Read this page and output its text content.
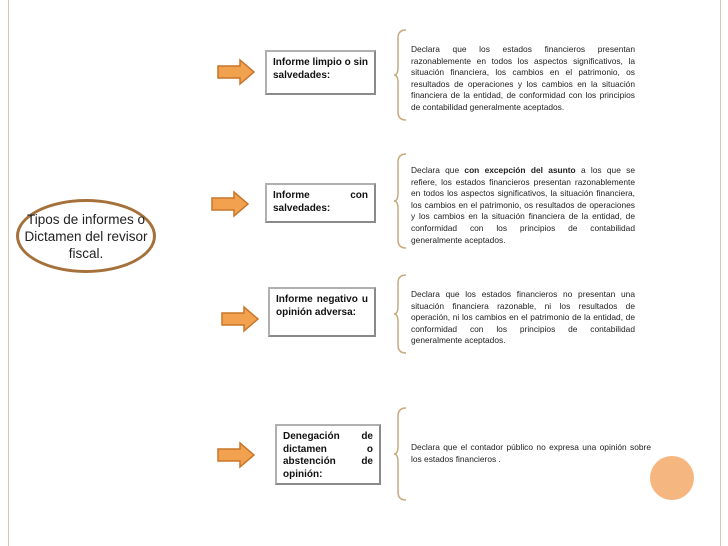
Tipos de informes o Dictamen del revisor fiscal.
Informe limpio o sin salvedades:
Informe con salvedades:
Informe negativo u opinión adversa:
Denegación de dictamen o abstención de opinión:
Declara que los estados financieros presentan razonablemente en todos los aspectos significativos, la situación financiera, los cambios en el patrimonio, os resultados de operaciones y los cambios en la situación financiera de la entidad, de conformidad con los principios de contabilidad generalmente aceptados.
Declara que con excepción del asunto a los que se refiere, los estados financieros presentan razonablemente en todos los aspectos significativos, la situación financiera, los cambios en el patrimonio, os resultados de operaciones y los cambios en la situación financiera de la entidad, de conformidad con los principios de contabilidad generalmente aceptados.
Declara que los estados financieros no presentan una situación financiera razonable, ni los resultados de operación, ni los cambios en el patrimonio de la entidad, de conformidad con los principios de contabilidad generalmente aceptados.
Declara que el contador público no expresa una opinión sobre los estados financieros .
